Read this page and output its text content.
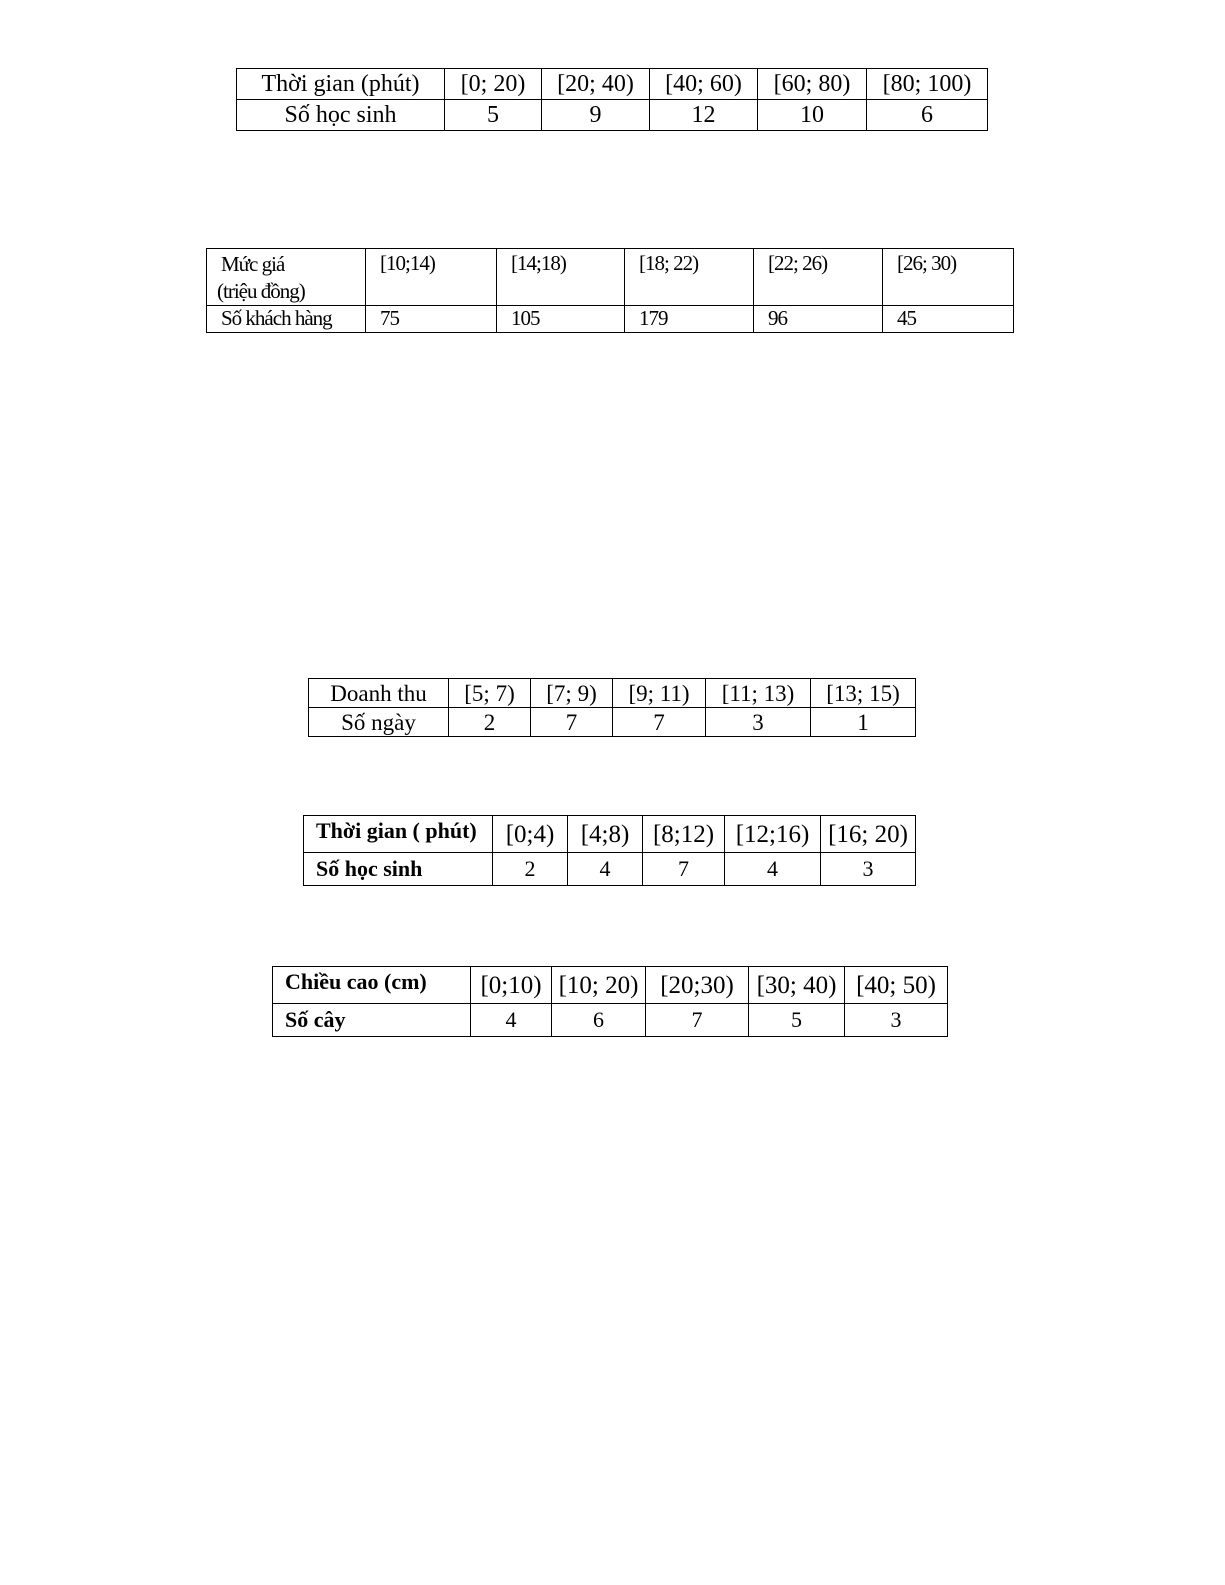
Thời gian (phút)	[0; 20)	[20; 40)	[40; 60)	[60; 80)	[80; 100)
Số học sinh	5	9	12	10	6
Mức giá
(triệu đồng)	[10;14)	[14;18)	[18; 22)	[22; 26)	[26; 30)
Số khách hàng	75	105	179	96	45
Doanh thu	[5; 7)	[7; 9)	[9; 11)	[11; 13)	[13; 15)
Số ngày	2	7	7	3	1
Thời gian ( phút)	[0;4)	[4;8)	[8;12)	[12;16)	[16; 20)
Số học sinh	2	4	7	4	3
Chiều cao (cm)	[0;10)	[10; 20)	[20;30)	[30; 40)	[40; 50)
Số cây	4	6	7	5	3
